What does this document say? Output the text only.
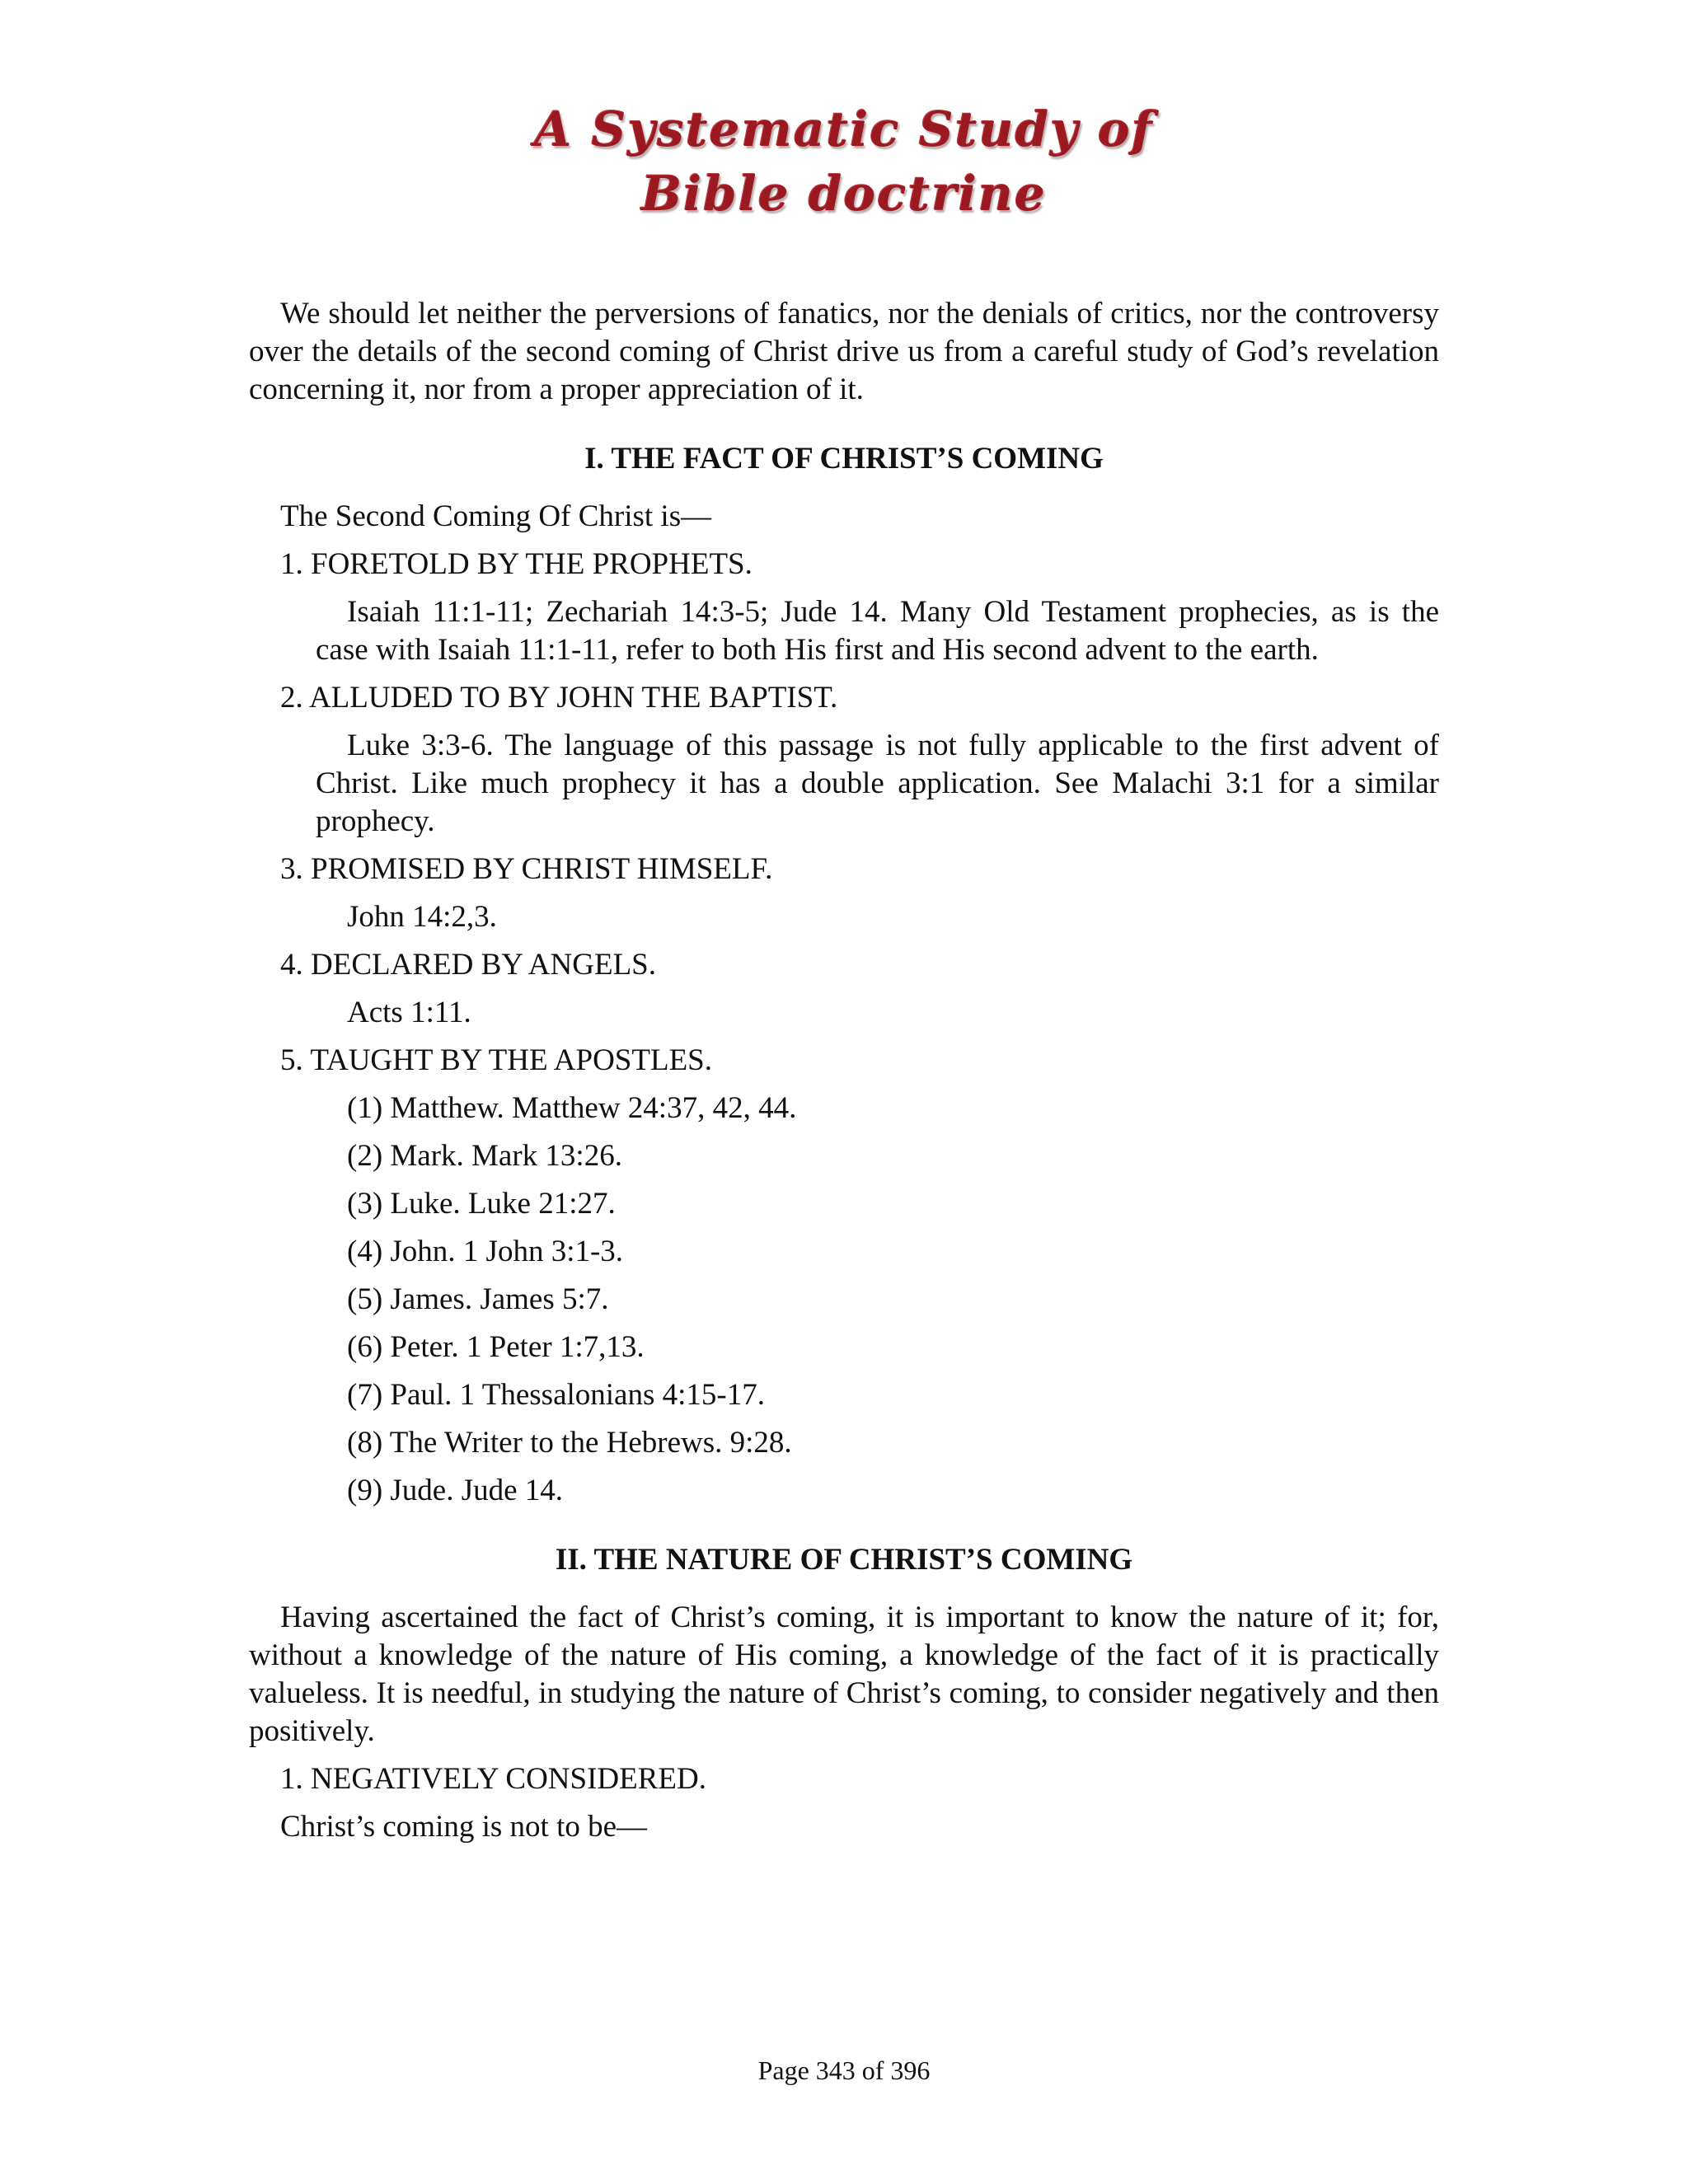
A Systematic Study of
Bible doctrine

We should let neither the perversions of fanatics, nor the denials of critics, nor the controversy over the details of the second coming of Christ drive us from a careful study of God’s revelation concerning it, nor from a proper appreciation of it.

I. THE FACT OF CHRIST’S COMING

The Second Coming Of Christ is—

1. FORETOLD BY THE PROPHETS.

Isaiah 11:1-11; Zechariah 14:3-5; Jude 14. Many Old Testament prophecies, as is the case with Isaiah 11:1-11, refer to both His first and His second advent to the earth.

2. ALLUDED TO BY JOHN THE BAPTIST.

Luke 3:3-6. The language of this passage is not fully applicable to the first advent of Christ. Like much prophecy it has a double application. See Malachi 3:1 for a similar prophecy.

3. PROMISED BY CHRIST HIMSELF.

John 14:2,3.

4. DECLARED BY ANGELS.

Acts 1:11.

5. TAUGHT BY THE APOSTLES.

(1) Matthew. Matthew 24:37, 42, 44.

(2) Mark. Mark 13:26.

(3) Luke. Luke 21:27.

(4) John. 1 John 3:1-3.

(5) James. James 5:7.

(6) Peter. 1 Peter 1:7,13.

(7) Paul. 1 Thessalonians 4:15-17.

(8) The Writer to the Hebrews. 9:28.

(9) Jude. Jude 14.

II. THE NATURE OF CHRIST’S COMING

Having ascertained the fact of Christ’s coming, it is important to know the nature of it; for, without a knowledge of the nature of His coming, a knowledge of the fact of it is practically valueless. It is needful, in studying the nature of Christ’s coming, to consider negatively and then positively.

1. NEGATIVELY CONSIDERED.

Christ’s coming is not to be—

Page 343 of 396
